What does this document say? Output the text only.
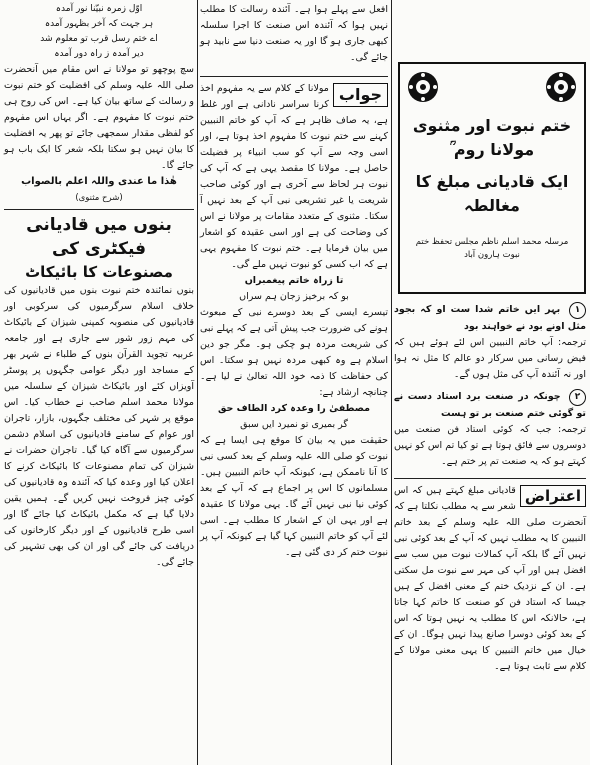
اوّل زمرہ نبیّنا نور آمدہ

ہر جہت کہ آخر بظہور آمدہ

اے ختم رسل قرب تو معلوم شد

دیر آمدہ ز راہ دور آمدہ

سچ پوچھو تو مولانا نے اس مقام میں آنحضرت صلی اللہ علیہ وسلم کی افضلیت کو ختم نبوت و رسالت کے ساتھ بیان کیا ہے۔ اس کی روح ہی ختم نبوت کا مفہوم ہے۔ اگر یہاں اس مفہوم کو لفظی مقدار سمجھی جائے تو پھر یہ افضلیت کا بیان نہیں ہو سکتا بلکہ شعر کا ایک باب ہو جائے گا۔

ھٰذا ما عندی واللہ اعلم بالصواب

(شرح مثنوی)

بنوں میں قادیانی فیکٹری کی

مصنوعات کا بائیکاٹ

بنوں نمائندہ ختم نبوت بنوں میں قادیانیوں کی خلاف اسلام سرگرمیوں کی سرکوبی اور قادیانیوں کی منصوبہ کمپنی شیزان کے بائیکاٹ کی مہم زور شور سے جاری ہے اور جامعہ عربیہ تجوید القرآن بنوں کے طلباء نے شہر بھر کے مساجد اور دیگر عوامی جگہوں پر پوسٹر آویزاں کئے اور بائیکاٹ شیزان کے سلسلہ میں مولانا محمد اسلم صاحب نے خطاب کیا۔ اس موقع پر شہر کی مختلف جگہوں، بازار، تاجران اور عوام کے سامنے قادیانیوں کی اسلام دشمن سرگرمیوں سے آگاہ کیا گیا۔ تاجران حضرات نے شیزان کی تمام مصنوعات کا بائیکاٹ کرنے کا اعلان کیا اور وعدہ کیا کہ آئندہ وہ قادیانیوں کی کوئی چیز فروخت نہیں کریں گے۔ ہمیں یقین دلایا گیا ہے کہ مکمل بائیکاٹ کیا جائے گا اور اسی طرح قادیانیوں کے اور دیگر کارخانوں کی دریافت کی جائے گی اور ان کی بھی تشہیر کی جائے گی۔

افعل سے پہلے ہوا ہے۔ آئندہ رسالت کا مطلب نہیں ہوا کہ آئندہ اس صنعت کا اجرا سلسلہ کبھی جاری ہو گا اور یہ صنعت دنیا سے نابید ہو جائے گی۔

جواب

مولانا کے کلام سے یہ مفہوم اخذ کرنا سراسر نادانی ہے اور غلط ہے، یہ صاف ظاہر ہے کہ آپ کو خاتم النبیین کہنے سے ختم نبوت کا مفہوم اخذ ہوتا ہے، اور اسی وجہ سے آپ کو سب انبیاء پر فضیلت حاصل ہے۔ مولانا کا مقصد یہی ہے کہ آپ کی نبوت ہر لحاظ سے آخری ہے اور کوئی صاحب شریعت یا غیر تشریعی نبی آپ کے بعد نہیں آ سکتا۔ مثنوی کے متعدد مقامات پر مولانا نے اس کی وضاحت کی ہے اور اسی عقیدہ کو اشعار میں بیان فرمایا ہے۔ ختم نبوت کا مفہوم یہی ہے کہ اب کسی کو نبوت نہیں ملے گی۔

تا زراہ خاتم پیغمبراں

بو کہ برخیز زجان ہم سراں

تیسرے ایسی کے بعد دوسرے نبی کے مبعوث ہونے کی ضرورت جب پیش آتی ہے کہ پہلے نبی کی شریعت مردہ ہو چکی ہو۔ مگر جو دین اسلام ہے وہ کبھی مردہ نہیں ہو سکتا۔ اس کی حفاظت کا ذمہ خود اللہ تعالیٰ نے لیا ہے۔ چنانچہ ارشاد ہے:

مصطفیٰ را وعدہ کرد الطاف حق

گر بمیری تو نمیرد ایں سبق

حقیقت میں یہ بیان کا موقع ہی ایسا ہے کہ نبوت کو صلی اللہ علیہ وسلم کے بعد کسی نبی کا آنا ناممکن ہے، کیونکہ آپ خاتم النبیین ہیں۔ مسلمانوں کا اس پر اجماع ہے کہ آپ کے بعد کوئی نیا نبی نہیں آئے گا۔ یہی مولانا کا عقیدہ ہے اور یہی ان کے اشعار کا مطلب ہے۔ اسی لئے آپ کو خاتم النبیین کہا گیا ہے کیونکہ آپ پر نبوت ختم کر دی گئی ہے۔

ختم نبوت اور مثنوی مولانا روم ؒ
ایک قادیانی مبلغ کا مغالطہ
مرسلہ محمد اسلم ناظم مجلس تحفظ ختم نبوت ہارون آباد
١ بہر ایں خاتم شدا ست او کہ بجود مثل اونے بود نے خواہند بود

ترجمہ: آپ خاتم النبیین اس لئے ہوئے ہیں کہ فیض رسانی میں سرکار دو عالم کا مثل نہ ہوا اور نہ آئندہ آپ کی مثل ہوں گے۔

٢ چونکہ در صنعت برد استاد دست نے تو گوئی ختم صنعت بر تو ہست

ترجمہ: جب کہ کوئی استاد فن صنعت میں دوسروں سے فائق ہوتا ہے تو کیا تم اس کو نہیں کہتے ہو کہ یہ صنعت تم پر ختم ہے۔

اعتراض

قادیانی مبلغ کہتے ہیں کہ اس شعر سے یہ مطلب نکلتا ہے کہ آنحضرت صلی اللہ علیہ وسلم کے بعد خاتم النبیین کا یہ مطلب نہیں کہ آپ کے بعد کوئی نبی نہیں آئے گا بلکہ آپ کمالات نبوت میں سب سے افضل ہیں اور آپ کی مہر سے نبوت مل سکتی ہے۔ ان کے نزدیک ختم کے معنی افضل کے ہیں جیسا کہ استاد فن کو صنعت کا خاتم کہا جاتا ہے، حالانکہ اس کا مطلب یہ نہیں ہوتا کہ اس کے بعد کوئی دوسرا صانع پیدا نہیں ہوگا۔ ان کے خیال میں خاتم النبیین کا یہی معنی مولانا کے کلام سے ثابت ہوتا ہے۔
